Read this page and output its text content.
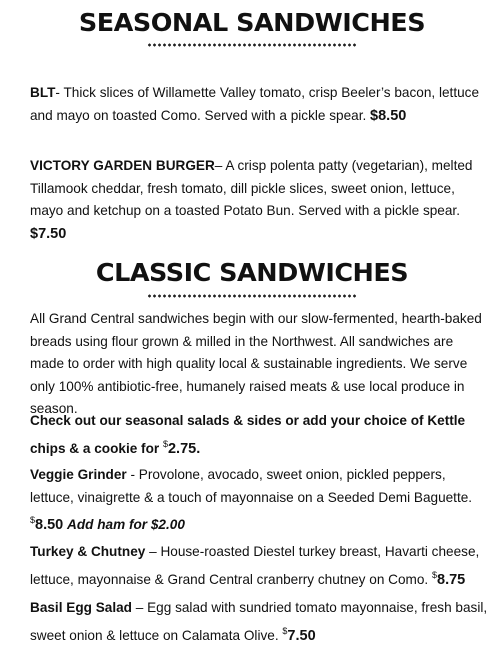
SEASONAL SANDWICHES
BLT- Thick slices of Willamette Valley tomato, crisp Beeler’s bacon, lettuce and mayo on toasted Como. Served with a pickle spear. $8.50
VICTORY GARDEN BURGER– A crisp polenta patty (vegetarian), melted Tillamook cheddar, fresh tomato, dill pickle slices, sweet onion, lettuce, mayo and ketchup on a toasted Potato Bun. Served with a pickle spear. $7.50
CLASSIC SANDWICHES
All Grand Central sandwiches begin with our slow-fermented, hearth-baked breads using flour grown & milled in the Northwest. All sandwiches are made to order with high quality local & sustainable ingredients. We serve only 100% antibiotic-free, humanely raised meats & use local produce in season.
Check out our seasonal salads & sides or add your choice of Kettle chips & a cookie for $2.75.
Veggie Grinder - Provolone, avocado, sweet onion, pickled peppers, lettuce, vinaigrette & a touch of mayonnaise on a Seeded Demi Baguette. $8.50 Add ham for $2.00
Turkey & Chutney – House-roasted Diestel turkey breast, Havarti cheese, lettuce, mayonnaise & Grand Central cranberry chutney on Como. $8.75
Basil Egg Salad – Egg salad with sundried tomato mayonnaise, fresh basil, sweet onion & lettuce on Calamata Olive. $7.50
